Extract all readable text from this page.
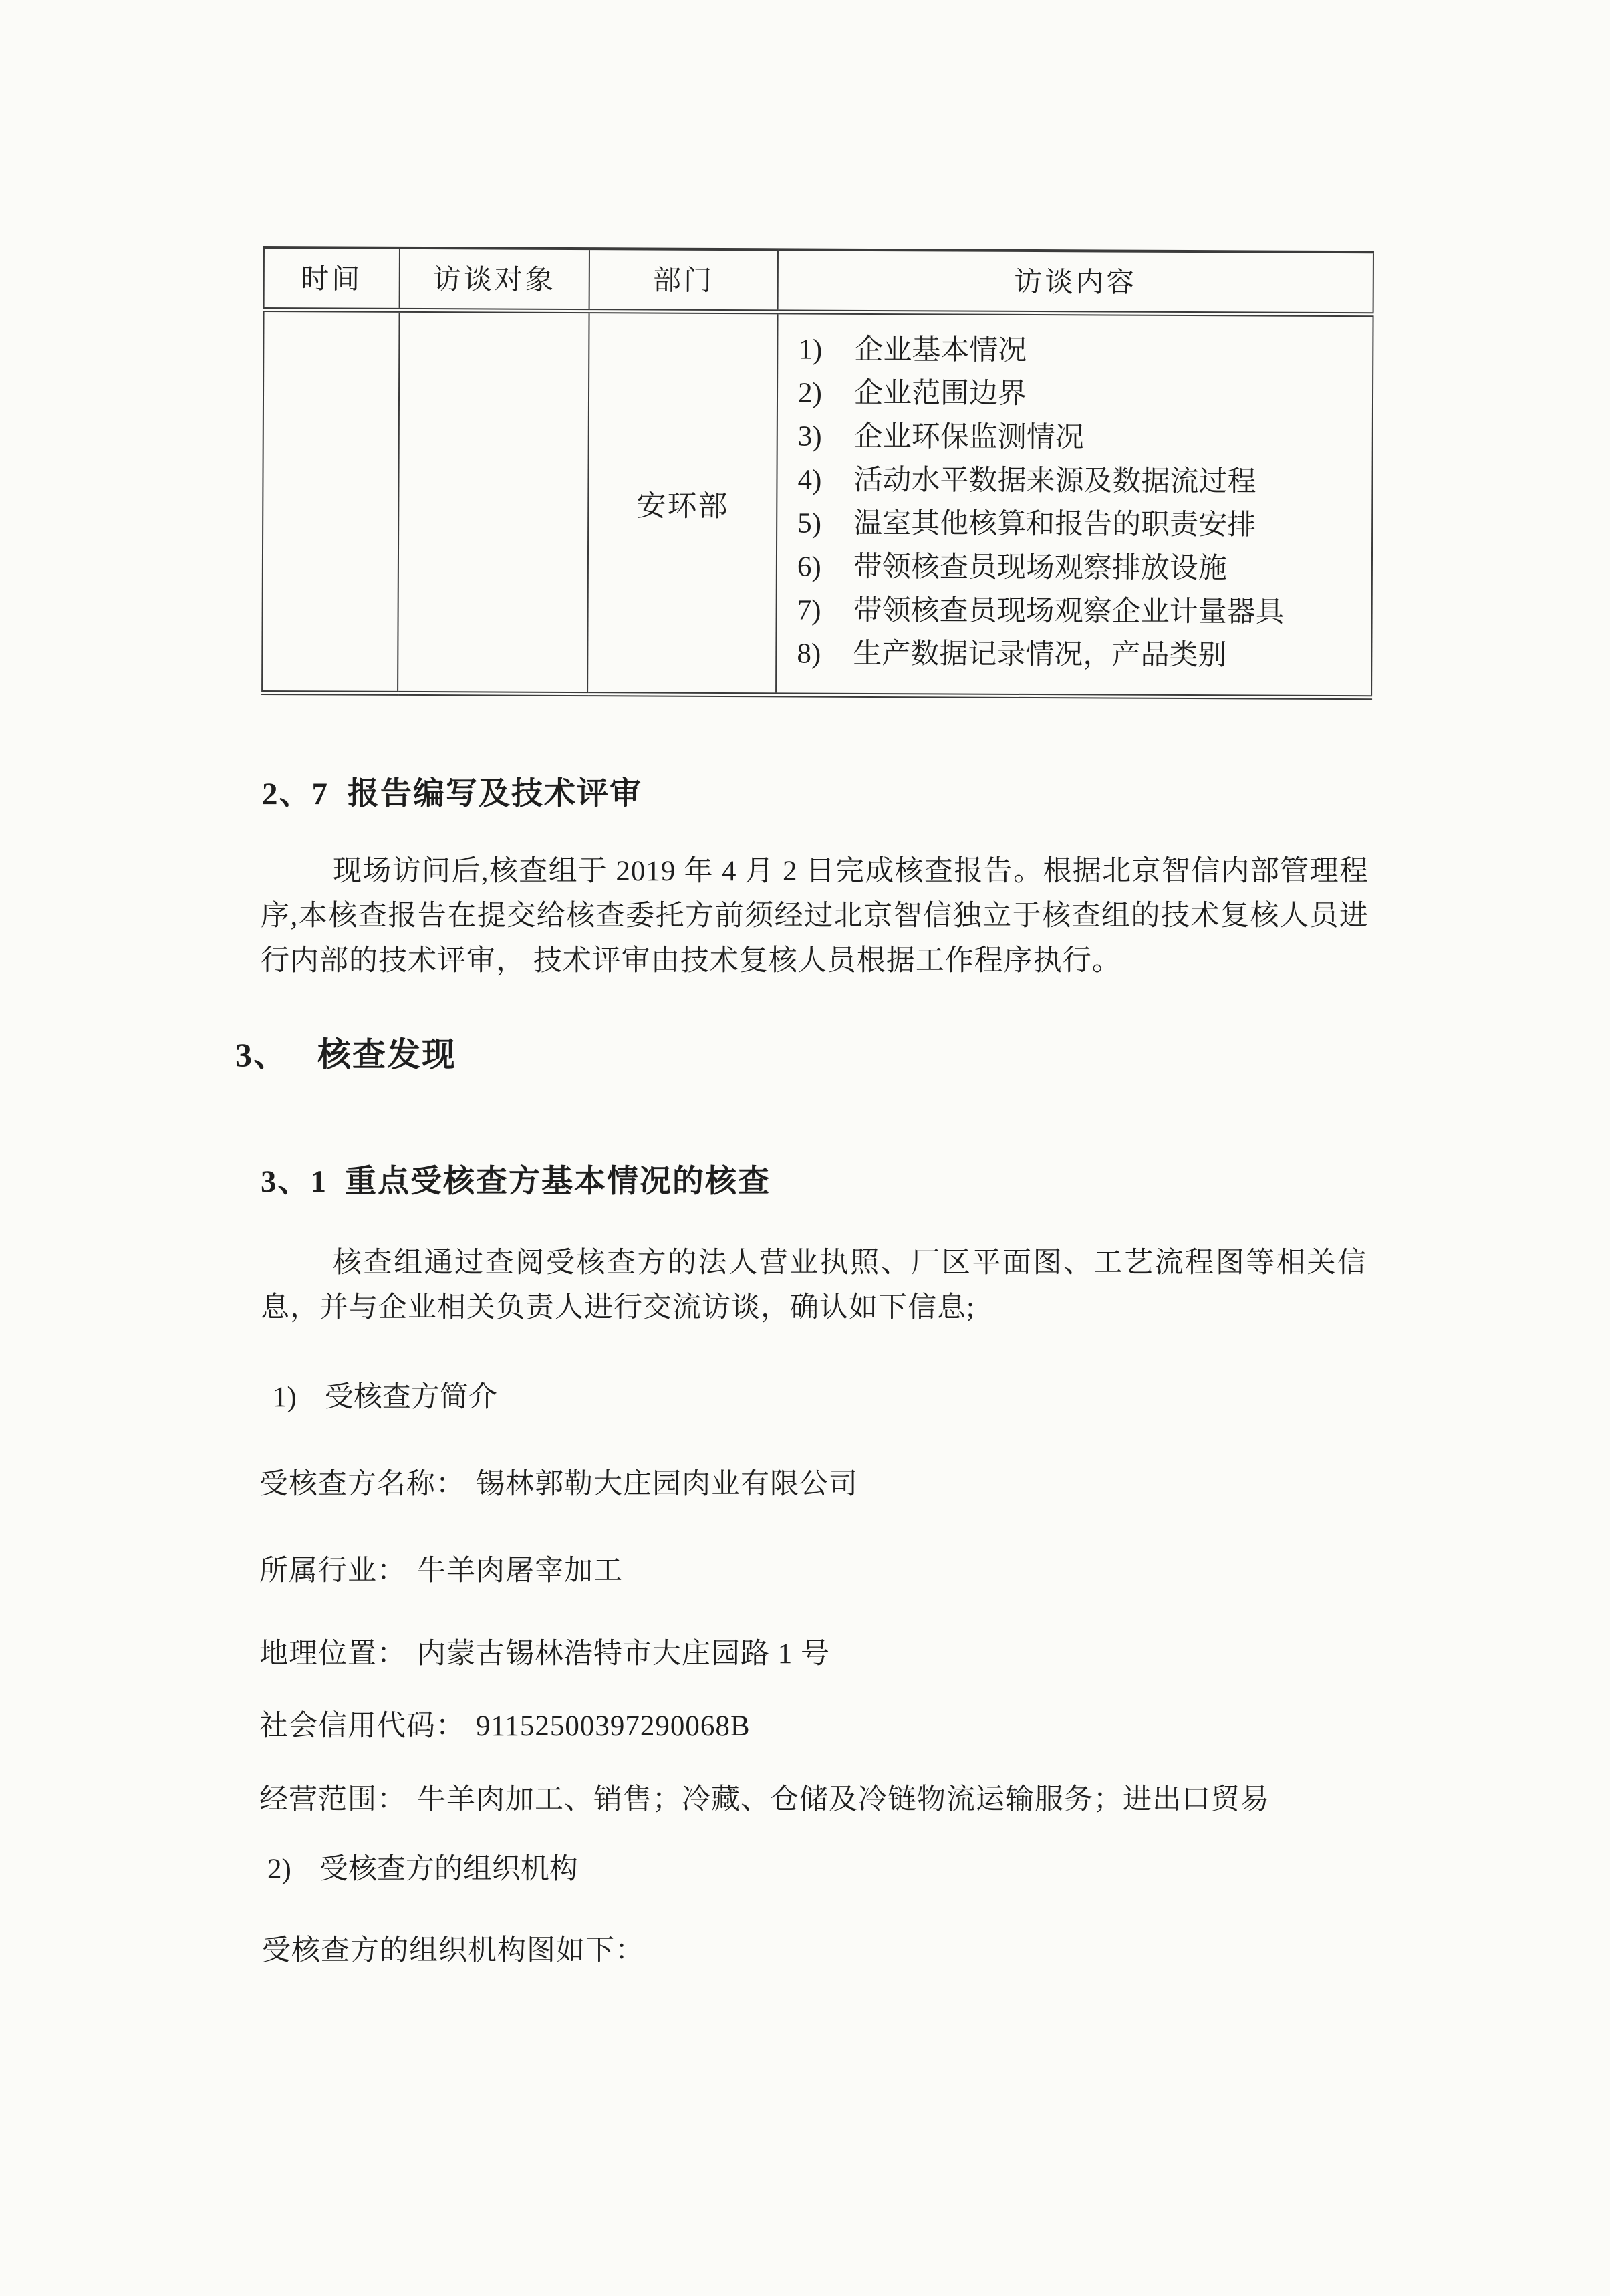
时间	访谈对象	部门	访谈内容
		安环部	
1)	企业基本情况
2)	企业范围边界
3)	企业环保监测情况
4)	活动水平数据来源及数据流过程
5)	温室其他核算和报告的职责安排
6)	带领核查员现场观察排放设施
7)	带领核查员现场观察企业计量器具
8)	生产数据记录情况，产品类别
2、7 报告编写及技术评审
现场访问后,核查组于 2019 年 4 月 2 日完成核查报告。根据北京智信内部管理程序,本核查报告在提交给核查委托方前须经过北京智信独立于核查组的技术复核人员进行内部的技术评审， 技术评审由技术复核人员根据工作程序执行。
3、 核查发现
3、1 重点受核查方基本情况的核查
核查组通过查阅受核查方的法人营业执照、厂区平面图、工艺流程图等相关信息，并与企业相关负责人进行交流访谈，确认如下信息;
1) 受核查方简介
受核查方名称： 锡林郭勒大庄园肉业有限公司
所属行业： 牛羊肉屠宰加工
地理位置： 内蒙古锡林浩特市大庄园路 1 号
社会信用代码： 91152500397290068B
经营范围： 牛羊肉加工、销售；冷藏、仓储及冷链物流运输服务；进出口贸易
2) 受核查方的组织机构
受核查方的组织机构图如下：
